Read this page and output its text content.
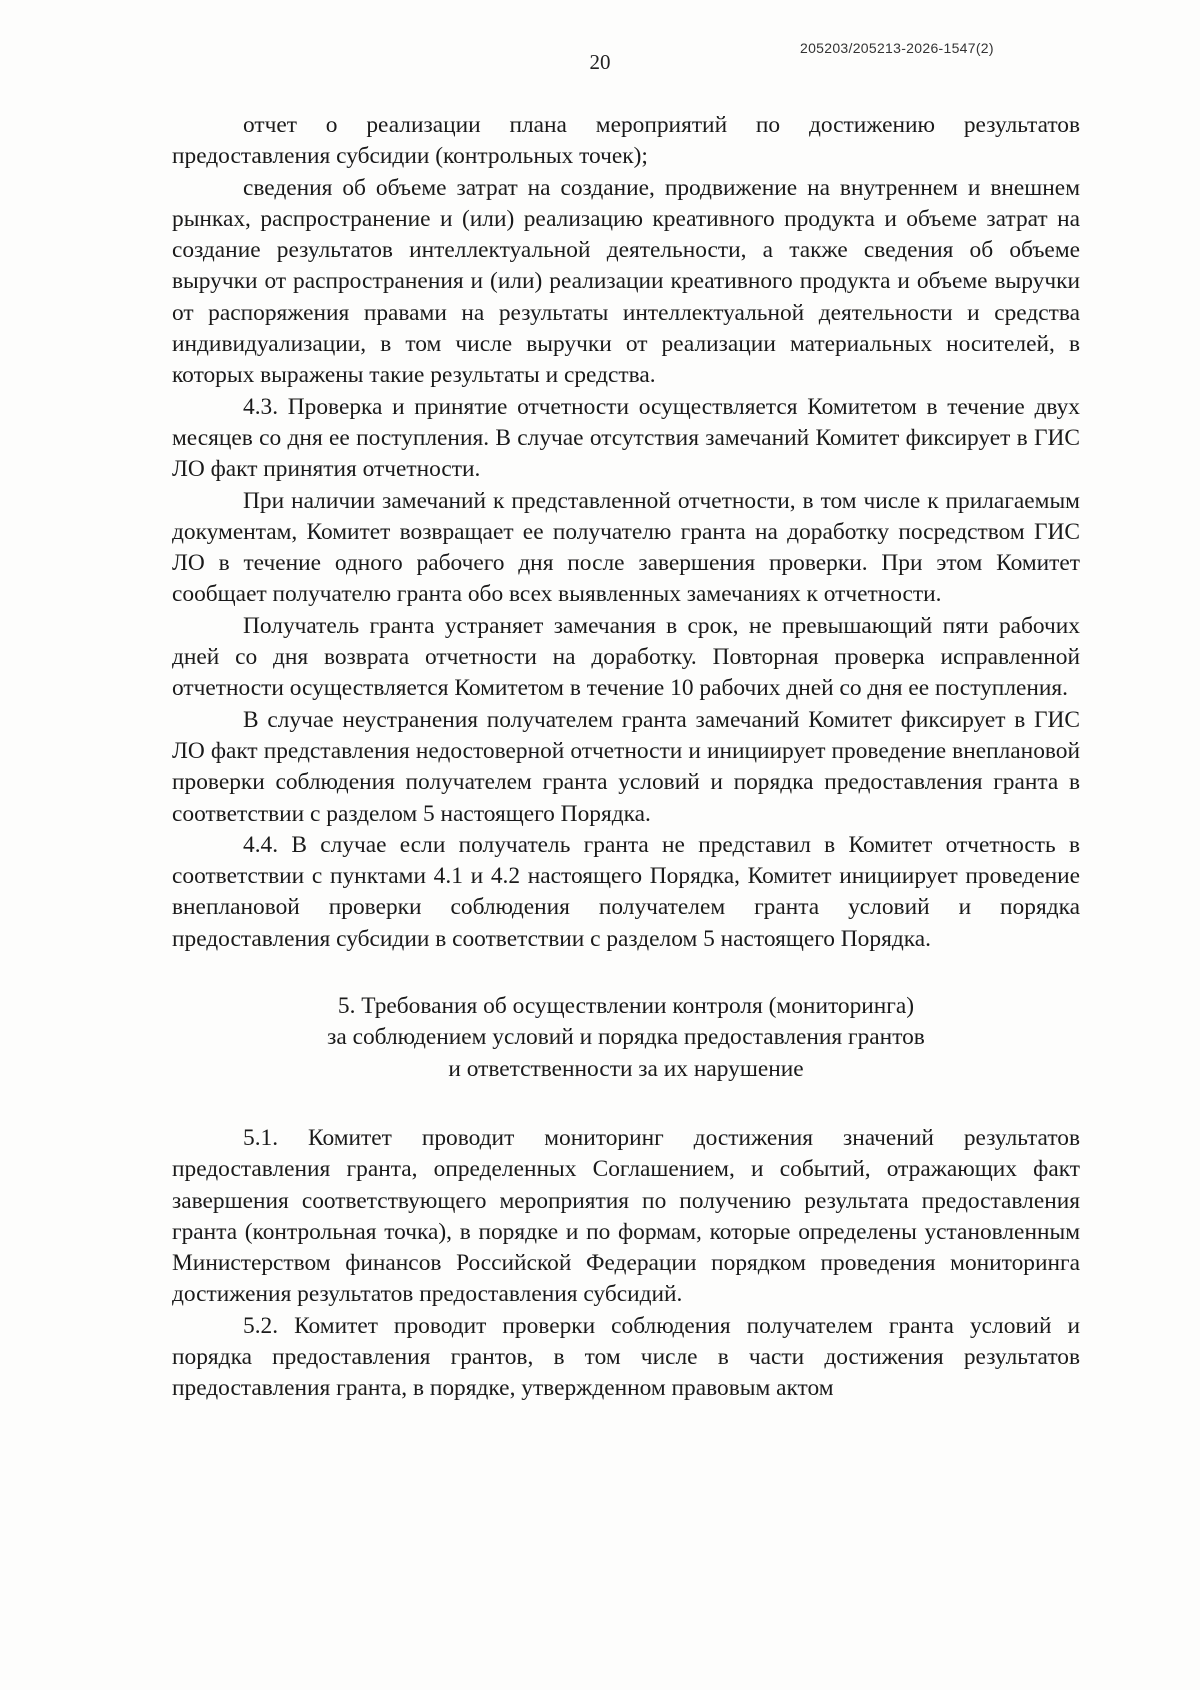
205203/205213-2026-1547(2)
20

отчет о реализации плана мероприятий по достижению результатов предоставления субсидии (контрольных точек);

сведения об объеме затрат на создание, продвижение на внутреннем и внешнем рынках, распространение и (или) реализацию креативного продукта и объеме затрат на создание результатов интеллектуальной деятельности, а также сведения об объеме выручки от распространения и (или) реализации креативного продукта и объеме выручки от распоряжения правами на результаты интеллектуальной деятельности и средства индивидуализации, в том числе выручки от реализации материальных носителей, в которых выражены такие результаты и средства.

4.3. Проверка и принятие отчетности осуществляется Комитетом в течение двух месяцев со дня ее поступления. В случае отсутствия замечаний Комитет фиксирует в ГИС ЛО факт принятия отчетности.

При наличии замечаний к представленной отчетности, в том числе к прилагаемым документам, Комитет возвращает ее получателю гранта на доработку посредством ГИС ЛО в течение одного рабочего дня после завершения проверки. При этом Комитет сообщает получателю гранта обо всех выявленных замечаниях к отчетности.

Получатель гранта устраняет замечания в срок, не превышающий пяти рабочих дней со дня возврата отчетности на доработку. Повторная проверка исправленной отчетности осуществляется Комитетом в течение 10 рабочих дней со дня ее поступления.

В случае неустранения получателем гранта замечаний Комитет фиксирует в ГИС ЛО факт представления недостоверной отчетности и инициирует проведение внеплановой проверки соблюдения получателем гранта условий и порядка предоставления гранта в соответствии с разделом 5 настоящего Порядка.

4.4. В случае если получатель гранта не представил в Комитет отчетность в соответствии с пунктами 4.1 и 4.2 настоящего Порядка, Комитет инициирует проведение внеплановой проверки соблюдения получателем гранта условий и порядка предоставления субсидии в соответствии с разделом 5 настоящего Порядка.

5. Требования об осуществлении контроля (мониторинга)
за соблюдением условий и порядка предоставления грантов
и ответственности за их нарушение

5.1. Комитет проводит мониторинг достижения значений результатов предоставления гранта, определенных Соглашением, и событий, отражающих факт завершения соответствующего мероприятия по получению результата предоставления гранта (контрольная точка), в порядке и по формам, которые определены установленным Министерством финансов Российской Федерации порядком проведения мониторинга достижения результатов предоставления субсидий.

5.2. Комитет проводит проверки соблюдения получателем гранта условий и порядка предоставления грантов, в том числе в части достижения результатов предоставления гранта, в порядке, утвержденном правовым актом
